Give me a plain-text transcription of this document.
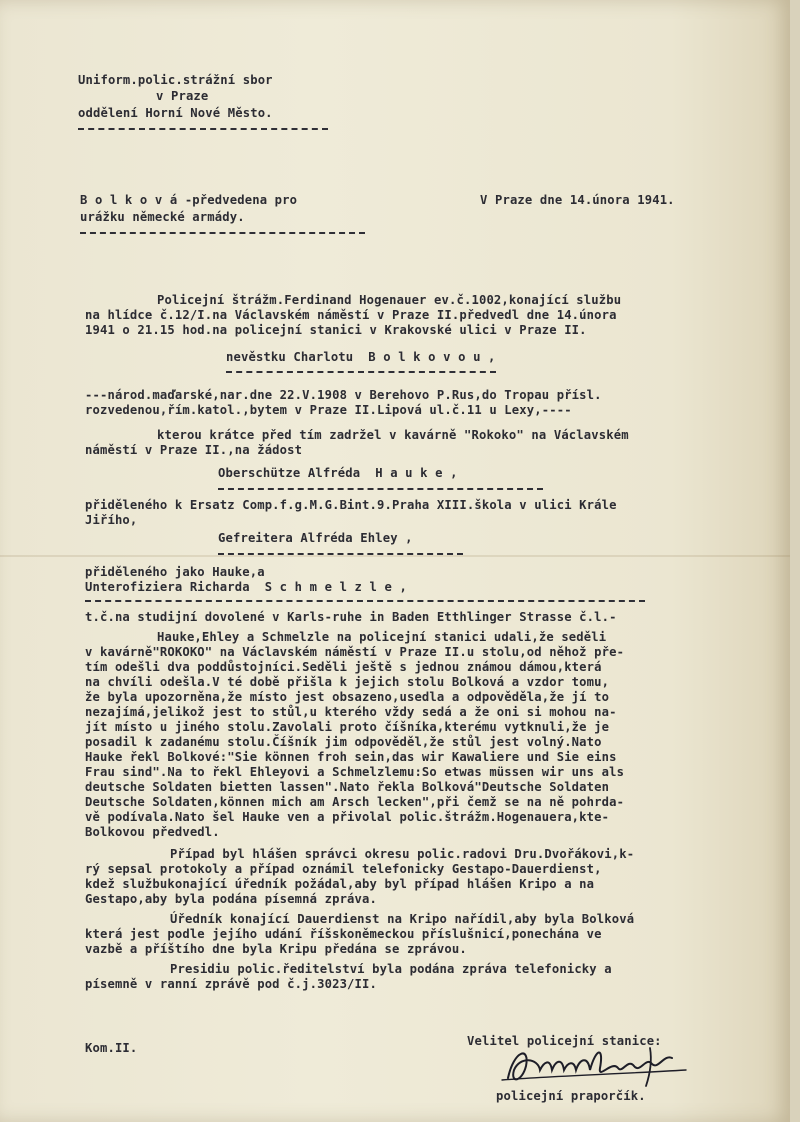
Uniform.polic.strážní sbor

v Praze

oddělení Horní Nové Město.

B o l k o v á -předvedena pro

urážku německé armády.

V Praze dne 14.února 1941.

Policejní štrážm.Ferdinand Hogenauer ev.č.1002,konající službu

na hlídce č.12/I.na Václavském náměstí v Praze II.předvedl dne 14.února

1941 o 21.15 hod.na policejní stanici v Krakovské ulici v Praze II.

nevěstku Charlotu  B o l k o v o u ,

---národ.maďarské,nar.dne 22.V.1908 v Berehovo P.Rus,do Tropau přísl.

rozvedenou,řím.katol.,bytem v Praze II.Lipová ul.č.11 u Lexy,----

kterou krátce před tím zadržel v kavárně "Rokoko" na Václavském

náměstí v Praze II.,na žádost

Oberschütze Alfréda  H a u k e ,

přiděleného k Ersatz Comp.f.g.M.G.Bint.9.Praha XIII.škola v ulici Krále

Jiřího,

Gefreitera Alfréda Ehley ,

přiděleného jako Hauke,a

Unterofiziera Richarda  S c h m e l z l e ,

t.č.na studijní dovolené v Karls-ruhe in Baden Etthlinger Strasse č.l.-

Hauke,Ehley a Schmelzle na policejní stanici udali,že seděli

v kavárně"ROKOKO" na Václavském náměstí v Praze II.u stolu,od něhož pře-

tím odešli dva poddůstojníci.Seděli ještě s jednou známou dámou,která

na chvíli odešla.V té době přišla k jejich stolu Bolková a vzdor tomu,

že byla upozorněna,že místo jest obsazeno,usedla a odpověděla,že jí to

nezajímá,jelikož jest to stůl,u kterého vždy sedá a že oni si mohou na-

jít místo u jiného stolu.Zavolali proto číšníka,kterému vytknuli,že je

posadil k zadanému stolu.Číšník jim odpověděl,že stůl jest volný.Nato

Hauke řekl Bolkové:"Sie können froh sein,das wir Kawaliere und Sie eins

Frau sind".Na to řekl Ehleyovi a Schmelzlemu:So etwas müssen wir uns als

deutsche Soldaten bietten lassen".Nato řekla Bolková"Deutsche Soldaten

Deutsche Soldaten,können mich am Arsch lecken",při čemž se na ně pohrda-

vě podívala.Nato šel Hauke ven a přivolal polic.štrážm.Hogenauera,kte-

Bolkovou předvedl.

Případ byl hlášen správci okresu polic.radovi Dru.Dvořákovi,k-

rý sepsal protokoly a případ oznámil telefonicky Gestapo-Dauerdienst,

kdež službukonající úředník požádal,aby byl případ hlášen Kripo a na

Gestapo,aby byla podána písemná zpráva.

Úředník konající Dauerdienst na Kripo nařídil,aby byla Bolková

která jest podle jejího udání říšskoněmeckou příslušnicí,ponechána ve

vazbě a příštího dne byla Kripu předána se zprávou.

Presidiu polic.ředitelství byla podána zpráva telefonicky a

písemně v ranní zprávě pod č.j.3023/II.

Kom.II.	Velitel policejní stanice:

policejní praporčík.
